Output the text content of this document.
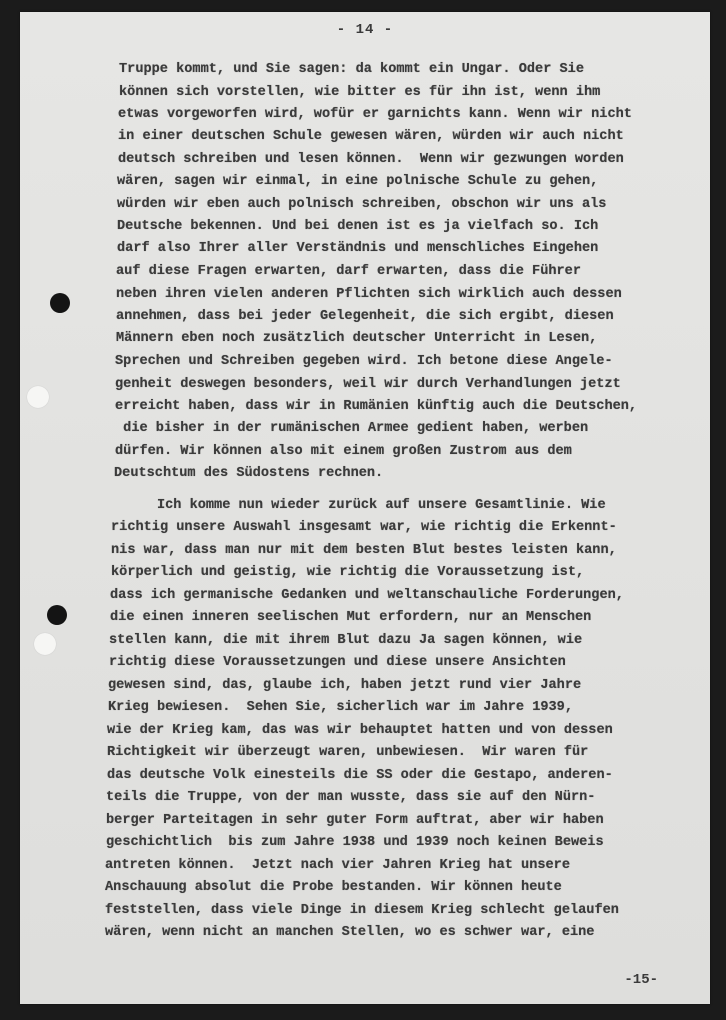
- 14 -
Truppe kommt, und Sie sagen: da kommt ein Ungar. Oder Sie
können sich vorstellen, wie bitter es für ihn ist, wenn ihm
etwas vorgeworfen wird, wofür er garnichts kann. Wenn wir nicht
in einer deutschen Schule gewesen wären, würden wir auch nicht
deutsch schreiben und lesen können.  Wenn wir gezwungen worden
wären, sagen wir einmal, in eine polnische Schule zu gehen,
würden wir eben auch polnisch schreiben, obschon wir uns als
Deutsche bekennen. Und bei denen ist es ja vielfach so. Ich
darf also Ihrer aller Verständnis und menschliches Eingehen
auf diese Fragen erwarten, darf erwarten, dass die Führer
neben ihren vielen anderen Pflichten sich wirklich auch dessen
annehmen, dass bei jeder Gelegenheit, die sich ergibt, diesen
Männern eben noch zusätzlich deutscher Unterricht in Lesen,
Sprechen und Schreiben gegeben wird. Ich betone diese Angele-
genheit deswegen besonders, weil wir durch Verhandlungen jetzt
erreicht haben, dass wir in Rumänien künftig auch die Deutschen,
die bisher in der rumänischen Armee gedient haben, werben
dürfen. Wir können also mit einem großen Zustrom aus dem
Deutschtum des Südostens rechnen.
Ich komme nun wieder zurück auf unsere Gesamtlinie. Wie
richtig unsere Auswahl insgesamt war, wie richtig die Erkennt-
nis war, dass man nur mit dem besten Blut bestes leisten kann,
körperlich und geistig, wie richtig die Voraussetzung ist,
dass ich germanische Gedanken und weltanschauliche Forderungen,
die einen inneren seelischen Mut erfordern, nur an Menschen
stellen kann, die mit ihrem Blut dazu Ja sagen können, wie
richtig diese Voraussetzungen und diese unsere Ansichten
gewesen sind, das, glaube ich, haben jetzt rund vier Jahre
Krieg bewiesen.  Sehen Sie, sicherlich war im Jahre 1939,
wie der Krieg kam, das was wir behauptet hatten und von dessen
Richtigkeit wir überzeugt waren, unbewiesen.  Wir waren für
das deutsche Volk einesteils die SS oder die Gestapo, anderen-
teils die Truppe, von der man wusste, dass sie auf den Nürn-
berger Parteitagen in sehr guter Form auftrat, aber wir haben
geschichtlich  bis zum Jahre 1938 und 1939 noch keinen Beweis
antreten können.  Jetzt nach vier Jahren Krieg hat unsere
Anschauung absolut die Probe bestanden. Wir können heute
feststellen, dass viele Dinge in diesem Krieg schlecht gelaufen
wären, wenn nicht an manchen Stellen, wo es schwer war, eine
-15-
